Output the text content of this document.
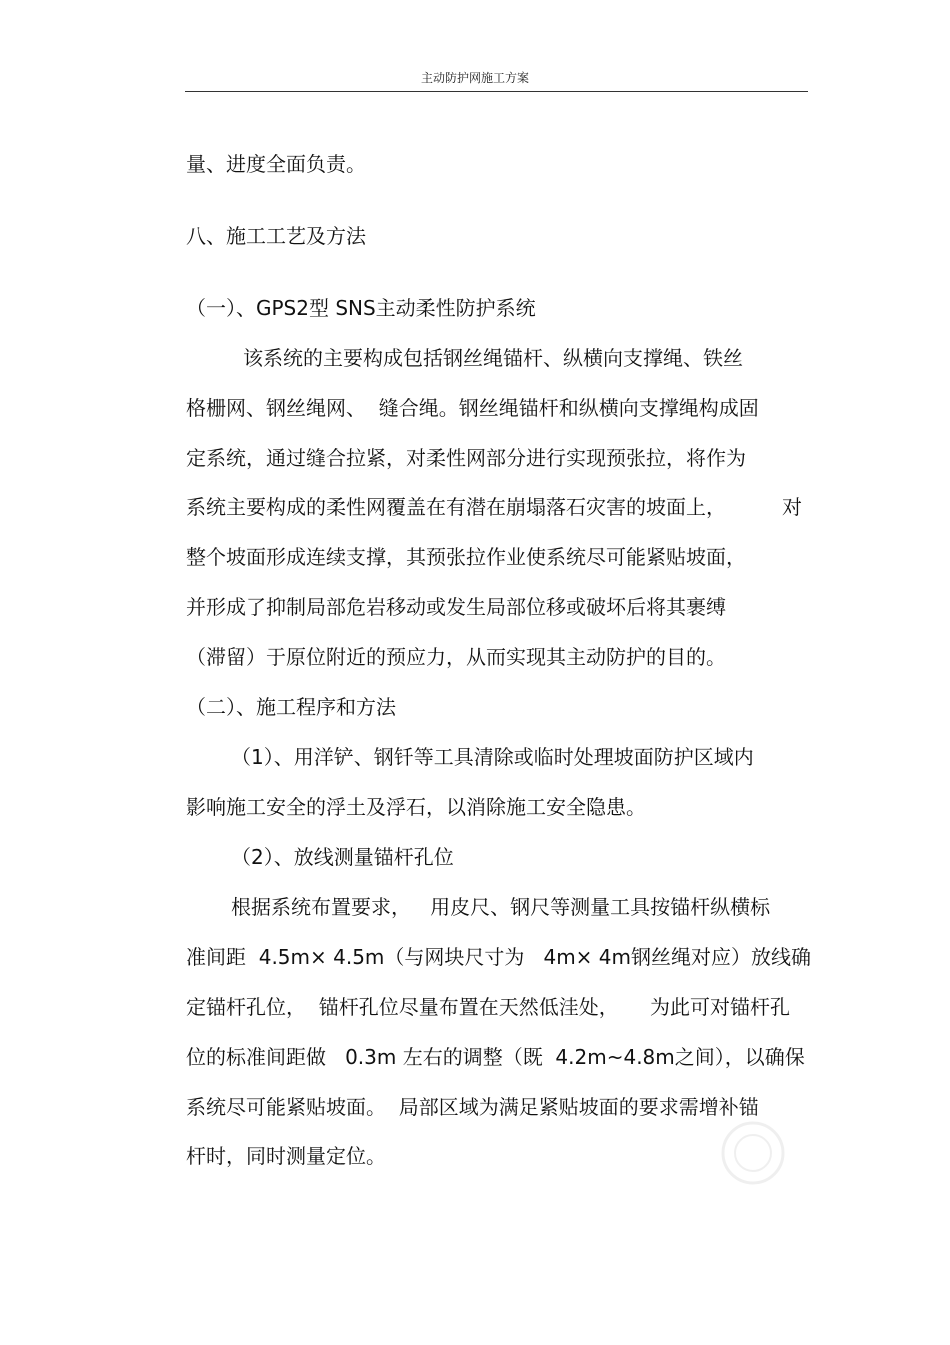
主动防护网施工方案
量、进度全面负责。
八、施工工艺及方法
（一）、GPS2型 SNS主动柔性防护系统
该系统的主要构成包括钢丝绳锚杆、纵横向支撑绳、铁丝
格栅网、钢丝绳网、  缝合绳。钢丝绳锚杆和纵横向支撑绳构成固
定系统，通过缝合拉紧，对柔性网部分进行实现预张拉，将作为
系统主要构成的柔性网覆盖在有潜在崩塌落石灾害的坡面上，	对
整个坡面形成连续支撑，其预张拉作业使系统尽可能紧贴坡面，
并形成了抑制局部危岩移动或发生局部位移或破坏后将其裹缚
（滞留）于原位附近的预应力，从而实现其主动防护的目的。
（二）、施工程序和方法
（1）、用洋铲、钢钎等工具清除或临时处理坡面防护区域内
影响施工安全的浮土及浮石，以消除施工安全隐患。
（2）、放线测量锚杆孔位
根据系统布置要求，   用皮尺、钢尺等测量工具按锚杆纵横标
准间距  4.5m× 4.5m（与网块尺寸为   4m× 4m钢丝绳对应）放线确
定锚杆孔位，  锚杆孔位尽量布置在天然低洼处， 为此可对锚杆孔
位的标准间距做   0.3m 左右的调整（既  4.2m~4.8m之间），以确保
系统尽可能紧贴坡面。  局部区域为满足紧贴坡面的要求需增补锚
杆时，同时测量定位。
